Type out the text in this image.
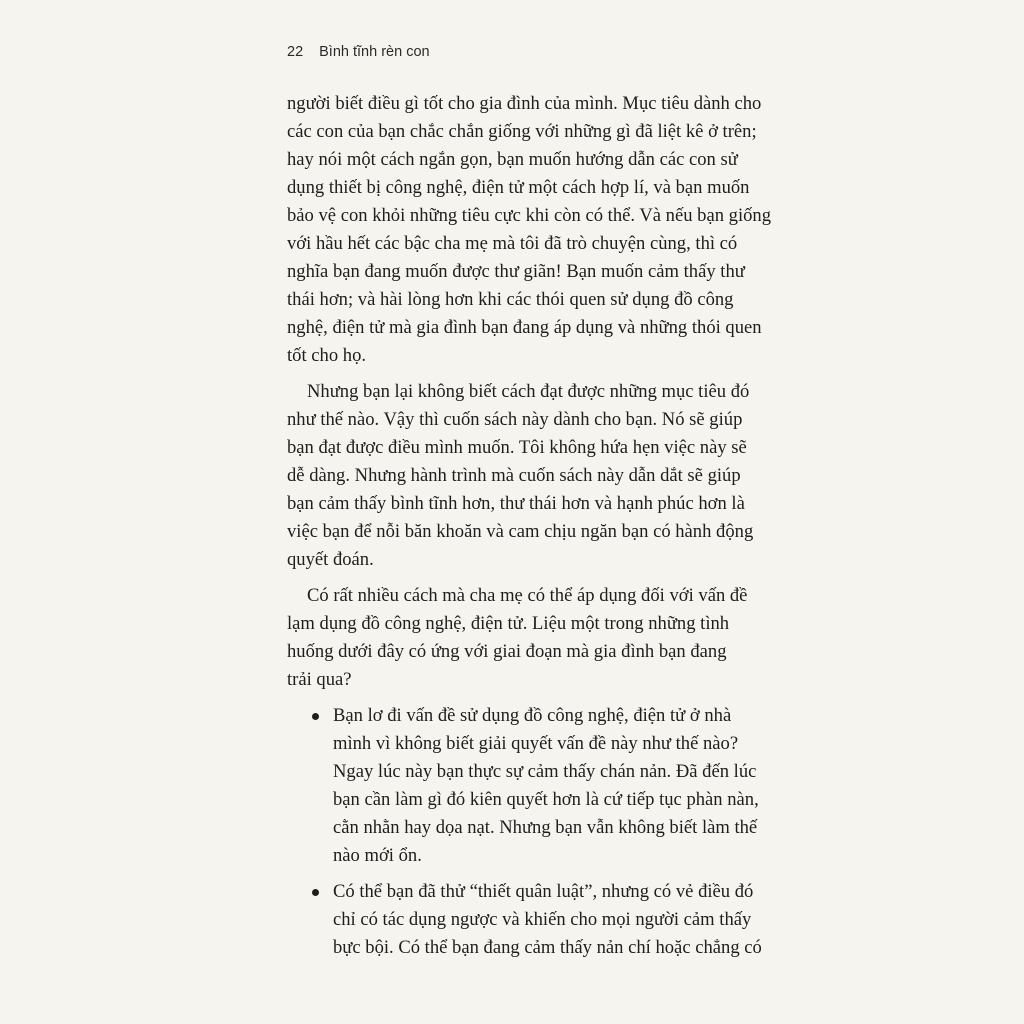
22 Bình tĩnh rèn con
người biết điều gì tốt cho gia đình của mình. Mục tiêu dành cho
các con của bạn chắc chắn giống với những gì đã liệt kê ở trên;
hay nói một cách ngắn gọn, bạn muốn hướng dẫn các con sử
dụng thiết bị công nghệ, điện tử một cách hợp lí, và bạn muốn
bảo vệ con khỏi những tiêu cực khi còn có thể. Và nếu bạn giống
với hầu hết các bậc cha mẹ mà tôi đã trò chuyện cùng, thì có
nghĩa bạn đang muốn được thư giãn! Bạn muốn cảm thấy thư
thái hơn; và hài lòng hơn khi các thói quen sử dụng đồ công
nghệ, điện tử mà gia đình bạn đang áp dụng và những thói quen
tốt cho họ.
Nhưng bạn lại không biết cách đạt được những mục tiêu đó
như thế nào. Vậy thì cuốn sách này dành cho bạn. Nó sẽ giúp
bạn đạt được điều mình muốn. Tôi không hứa hẹn việc này sẽ
dễ dàng. Nhưng hành trình mà cuốn sách này dẫn dắt sẽ giúp
bạn cảm thấy bình tĩnh hơn, thư thái hơn và hạnh phúc hơn là
việc bạn để nỗi băn khoăn và cam chịu ngăn bạn có hành động
quyết đoán.
Có rất nhiều cách mà cha mẹ có thể áp dụng đối với vấn đề
lạm dụng đồ công nghệ, điện tử. Liệu một trong những tình
huống dưới đây có ứng với giai đoạn mà gia đình bạn đang
trải qua?
Bạn lơ đi vấn đề sử dụng đồ công nghệ, điện tử ở nhà
mình vì không biết giải quyết vấn đề này như thế nào?
Ngay lúc này bạn thực sự cảm thấy chán nản. Đã đến lúc
bạn cần làm gì đó kiên quyết hơn là cứ tiếp tục phàn nàn,
cằn nhằn hay dọa nạt. Nhưng bạn vẫn không biết làm thế
nào mới ổn.
Có thể bạn đã thử “thiết quân luật”, nhưng có vẻ điều đó
chỉ có tác dụng ngược và khiến cho mọi người cảm thấy
bực bội. Có thể bạn đang cảm thấy nản chí hoặc chẳng có
